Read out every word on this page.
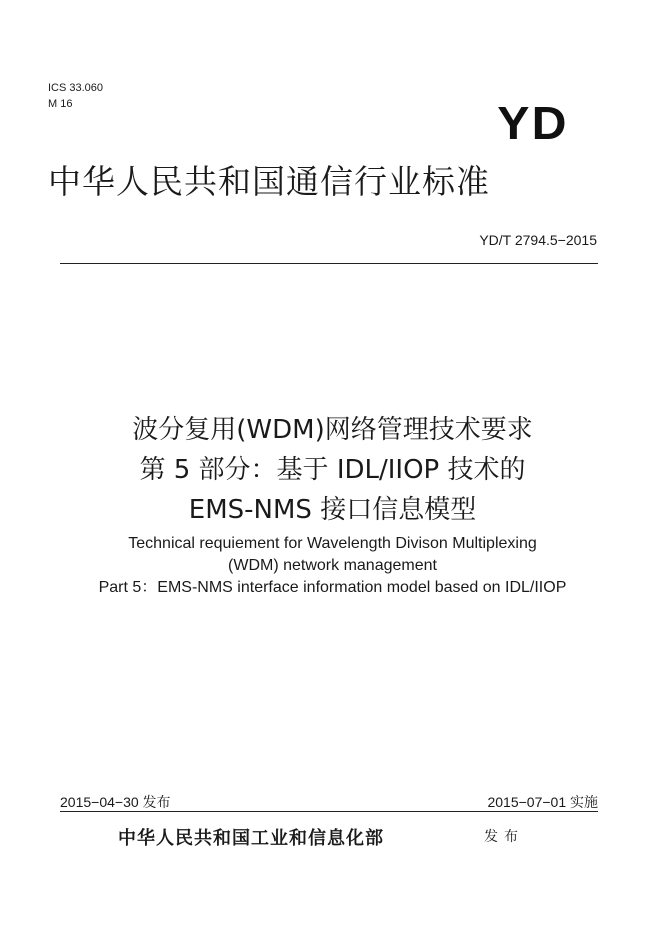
ICS 33.060
M 16	YD
中华人民共和国通信行业标准
YD/T 2794.5−2015
波分复用(WDM)网络管理技术要求
第 5 部分：基于 IDL/IIOP 技术的
EMS-NMS 接口信息模型
Technical requiement for Wavelength Divison Multiplexing
(WDM) network management
Part 5：EMS-NMS interface information model based on IDL/IIOP
2015−04−30 发布	2015−07−01 实施
中华人民共和国工业和信息化部	发布
